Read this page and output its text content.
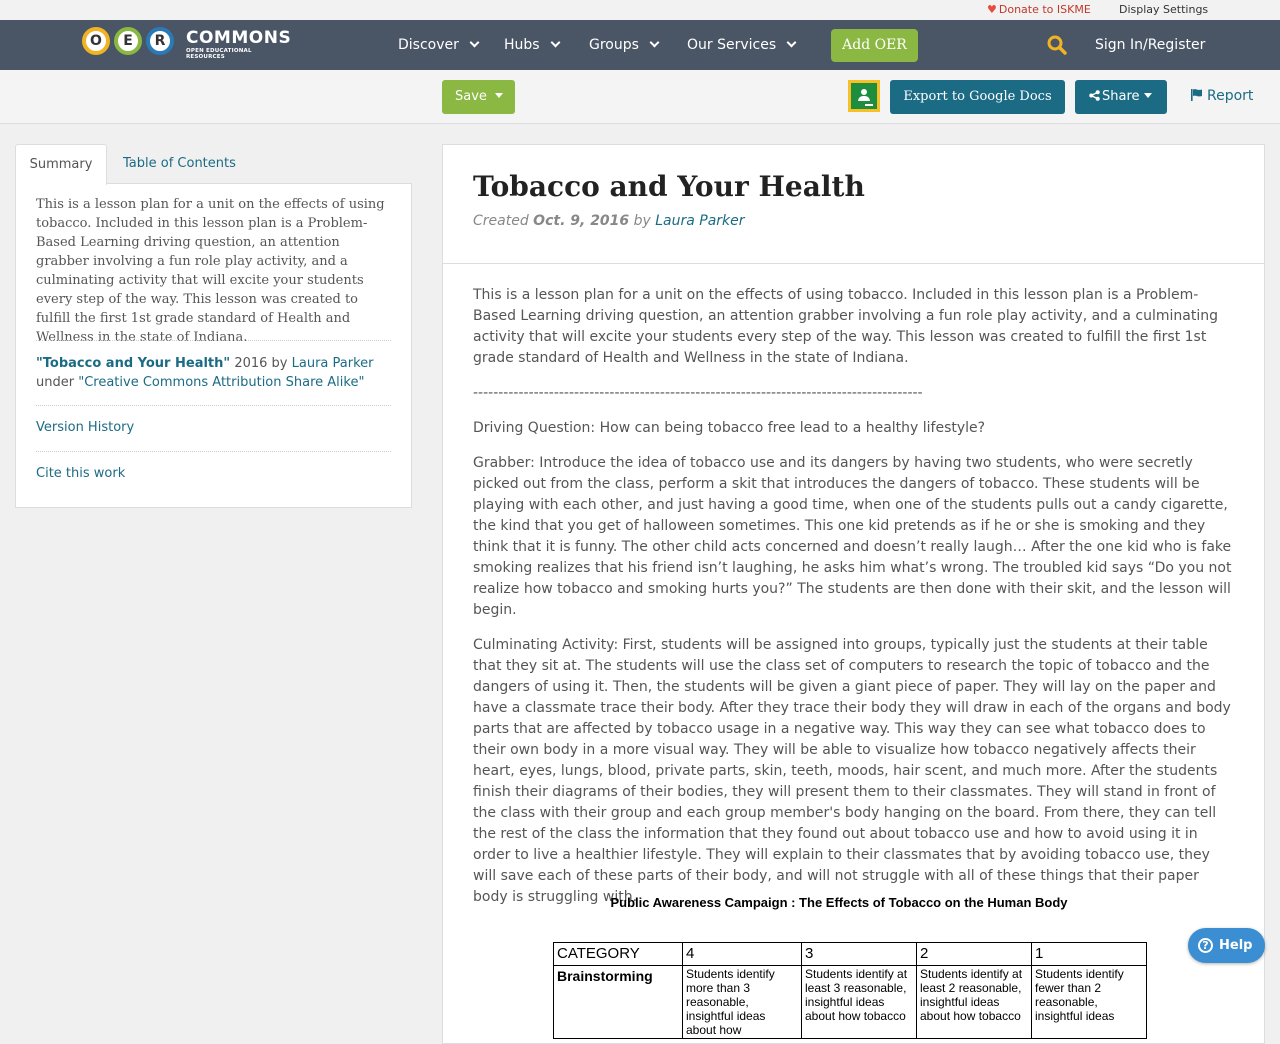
♥ Donate to ISKME	Display Settings
O	E	R	COMMONS
OPEN EDUCATIONAL RESOURCES
Discover	Hubs	Groups	Our Services	Add OER	Sign In/Register
Save	Export to Google Docs	Share	Report
Summary	Table of Contents
This is a lesson plan for a unit on the effects of using tobacco. Included in this lesson plan is a Problem-Based Learning driving question, an attention grabber involving a fun role play activity, and a culminating activity that will excite your students every step of the way. This lesson was created to fulfill the first 1st grade standard of Health and Wellness in the state of Indiana.
"Tobacco and Your Health" 2016 by Laura Parker
under "Creative Commons Attribution Share Alike"
Version History
Cite this work
Tobacco and Your Health
Created Oct. 9, 2016 by Laura Parker

This is a lesson plan for a unit on the effects of using tobacco. Included in this lesson plan is a Problem-Based Learning driving question, an attention grabber involving a fun role play activity, and a culminating activity that will excite your students every step of the way. This lesson was created to fulfill the first 1st grade standard of Health and Wellness in the state of Indiana.

-----------------------------------------------------------------------------------------

Driving Question: How can being tobacco free lead to a healthy lifestyle?

Grabber: Introduce the idea of tobacco use and its dangers by having two students, who were secretly picked out from the class, perform a skit that introduces the dangers of tobacco. These students will be playing with each other, and just having a good time, when one of the students pulls out a candy cigarette, the kind that you get of halloween sometimes. This one kid pretends as if he or she is smoking and they think that it is funny. The other child acts concerned and doesn’t really laugh… After the one kid who is fake smoking realizes that his friend isn’t laughing, he asks him what’s wrong. The troubled kid says “Do you not realize how tobacco and smoking hurts you?” The students are then done with their skit, and the lesson will begin.

Culminating Activity: First, students will be assigned into groups, typically just the students at their table that they sit at. The students will use the class set of computers to research the topic of tobacco and the dangers of using it. Then, the students will be given a giant piece of paper. They will lay on the paper and have a classmate trace their body. After they trace their body they will draw in each of the organs and body parts that are affected by tobacco usage in a negative way. This way they can see what tobacco does to their own body in a more visual way. They will be able to visualize how tobacco negatively affects their heart, eyes, lungs, blood, private parts, skin, teeth, moods, hair scent, and much more. After the students finish their diagrams of their bodies, they will present them to their classmates. They will stand in front of the class with their group and each group member's body hanging on the board. From there, they can tell the rest of the class the information that they found out about tobacco use and how to avoid using it in order to live a healthier lifestyle. They will explain to their classmates that by avoiding tobacco use, they will save each of these parts of their body, and will not struggle with all of these things that their paper body is struggling with.

Public Awareness Campaign : The Effects of Tobacco on the Human Body
CATEGORY	4	3	2	1
Brainstorming	Students identify more than 3 reasonable, insightful ideas about how	Students identify at least 3 reasonable, insightful ideas about how tobacco	Students identify at least 2 reasonable, insightful ideas about how tobacco	Students identify fewer than 2 reasonable, insightful ideas
? Help
